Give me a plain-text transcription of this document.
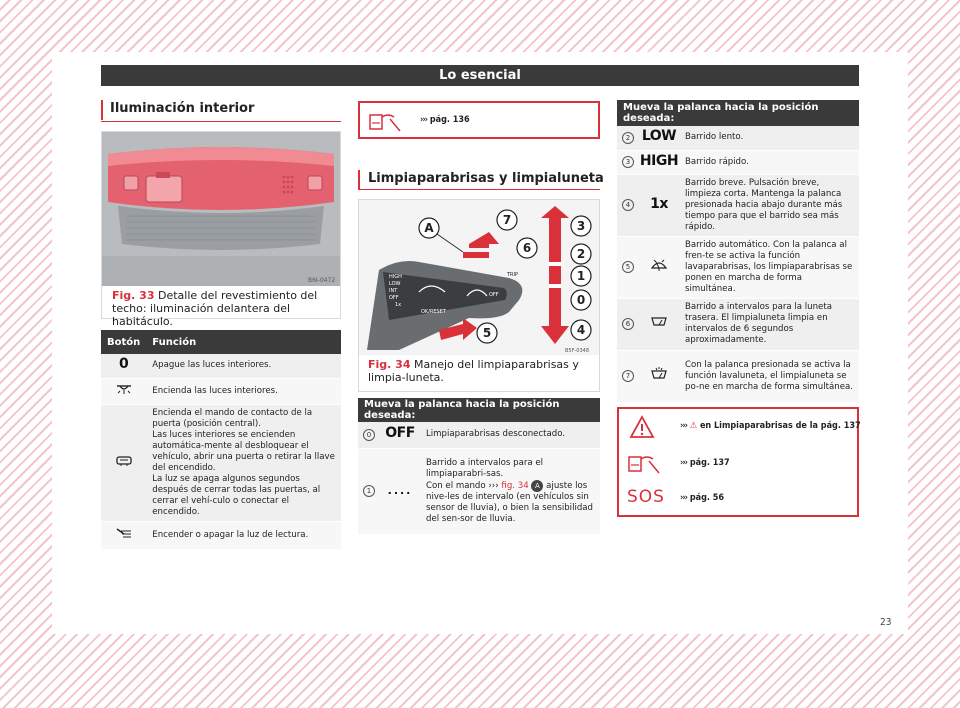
Lo esencial
Iluminación interior
B6I-0472
Fig. 33 Detalle del revestimiento del techo: iluminación delantera del habitáculo.
Botón	Función
0	Apague las luces interiores.
	Encienda las luces interiores.
	Encienda el mando de contacto de la puerta (posición central).
Las luces interiores se encienden automática-mente al desbloquear el vehículo, abrir una puerta o retirar la llave del encendido.
La luz se apaga algunos segundos después de cerrar todas las puertas, al cerrar el vehí-culo o conectar el encendido.
	Encender o apagar la luz de lectura.
››› pág. 136
Limpiaparabrisas y limpialuneta
HIGH
LOW
INT
OFF
1x
OK/RESET
OFF
TRIP
A
7
6
3
2
1
0
4
5
B5F-0348
Fig. 34 Manejo del limpiaparabrisas y limpia-luneta.
Mueva la palanca hacia la posición deseada:		
0	OFF	Limpiaparabrisas desconectado.
1	....	Barrido a intervalos para el limpiaparabri-sas.
Con el mando ››› fig. 34 A ajuste los nive-les de intervalo (en vehículos sin sensor de lluvia), o bien la sensibilidad del sen-sor de lluvia.
Mueva la palanca hacia la posición deseada:		
2	LOW	Barrido lento.
3	HIGH	Barrido rápido.
4	1x	Barrido breve. Pulsación breve, limpieza corta. Mantenga la palanca presionada hacia abajo durante más tiempo para que el barrido sea más rápido.
5		Barrido automático. Con la palanca al fren-te se activa la función lavaparabrisas, los limpiaparabrisas se ponen en marcha de forma simultánea.
6		Barrido a intervalos para la luneta trasera. El limpialuneta limpia en intervalos de 6 segundos aproximadamente.
7		Con la palanca presionada se activa la función lavaluneta, el limpialuneta se po-ne en marcha de forma simultánea.
SOS
››› ⚠ en Limpiaparabrisas de la pág. 137
››› pág. 137
››› pág. 56
23
